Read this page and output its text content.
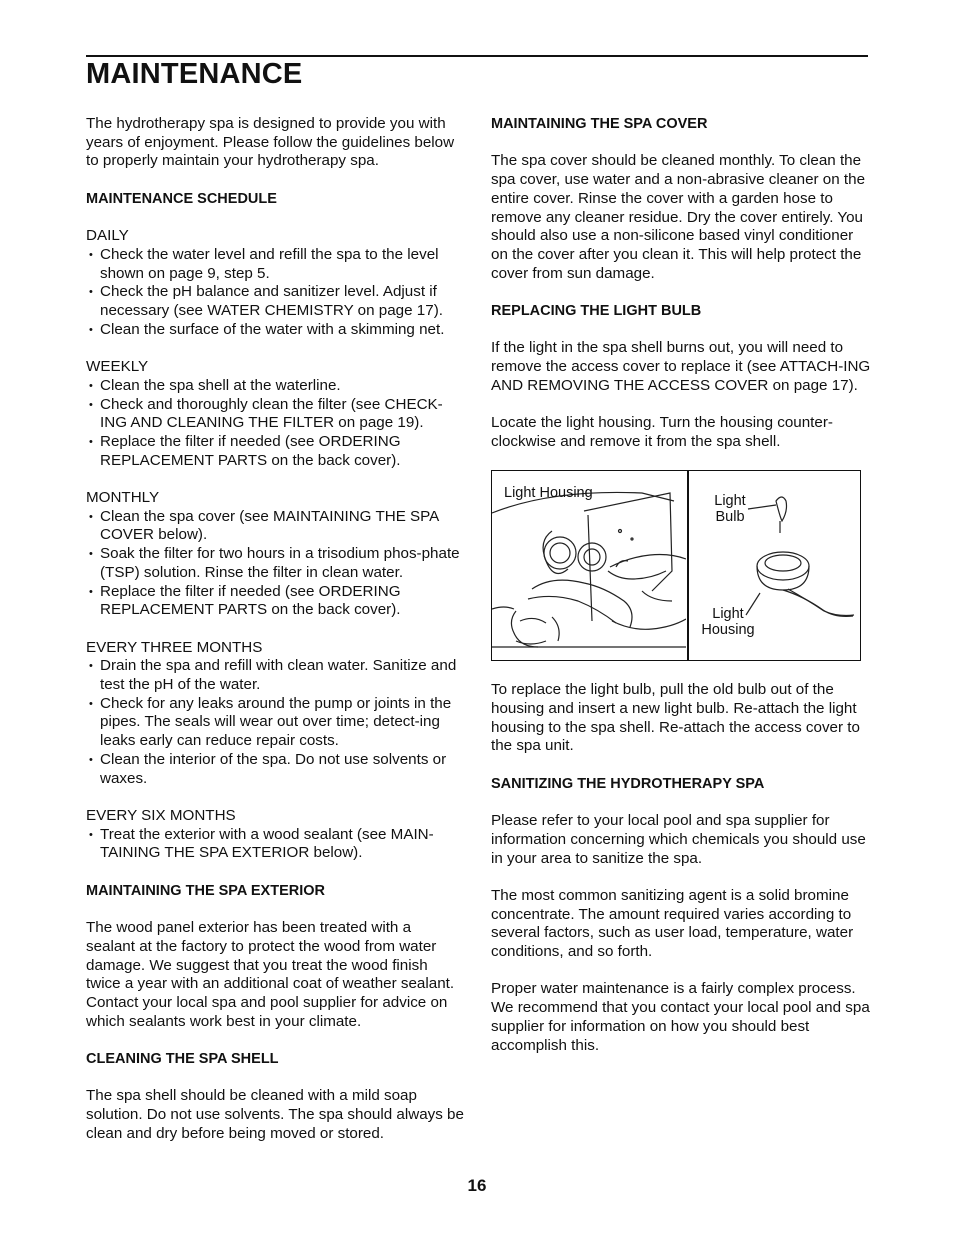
MAINTENANCE

The hydrotherapy spa is designed to provide you with years of enjoyment. Please follow the guidelines below to properly maintain your hydrotherapy spa.

MAINTENANCE SCHEDULE
DAILY
• Check the water level and refill the spa to the level shown on page 9, step 5.
• Check the pH balance and sanitizer level. Adjust if necessary (see WATER CHEMISTRY on page 17).
• Clean the surface of the water with a skimming net.
WEEKLY
• Clean the spa shell at the waterline.
• Check and thoroughly clean the filter (see CHECK-ING AND CLEANING THE FILTER on page 19).
• Replace the filter if needed (see ORDERING REPLACEMENT PARTS on the back cover).
MONTHLY
• Clean the spa cover (see MAINTAINING THE SPA COVER below).
• Soak the filter for two hours in a trisodium phos-phate (TSP) solution. Rinse the filter in clean water.
• Replace the filter if needed (see ORDERING REPLACEMENT PARTS on the back cover).
EVERY THREE MONTHS
• Drain the spa and refill with clean water. Sanitize and test the pH of the water.
• Check for any leaks around the pump or joints in the pipes. The seals will wear out over time; detect-ing leaks early can reduce repair costs.
• Clean the interior of the spa. Do not use solvents or waxes.
EVERY SIX MONTHS
• Treat the exterior with a wood sealant (see MAIN-TAINING THE SPA EXTERIOR below).
MAINTAINING THE SPA EXTERIOR

The wood panel exterior has been treated with a sealant at the factory to protect the wood from water damage. We suggest that you treat the wood finish twice a year with an additional coat of weather sealant. Contact your local spa and pool supplier for advice on which sealants work best in your climate.

CLEANING THE SPA SHELL

The spa shell should be cleaned with a mild soap solution. Do not use solvents. The spa should always be clean and dry before being moved or stored.

MAINTAINING THE SPA COVER

The spa cover should be cleaned monthly. To clean the spa cover, use water and a non-abrasive cleaner on the entire cover. Rinse the cover with a garden hose to remove any cleaner residue. Dry the cover entirely. You should also use a non-silicone based vinyl conditioner on the cover after you clean it. This will help protect the cover from sun damage.

REPLACING THE LIGHT BULB

If the light in the spa shell burns out, you will need to remove the access cover to replace it (see ATTACH-ING AND REMOVING THE ACCESS COVER on page 17).

Locate the light housing. Turn the housing counter-clockwise and remove it from the spa shell.

Light Housing	Light
Bulb
Light
Housing

To replace the light bulb, pull the old bulb out of the housing and insert a new light bulb. Re-attach the light housing to the spa shell. Re-attach the access cover to the spa unit.

SANITIZING THE HYDROTHERAPY SPA

Please refer to your local pool and spa supplier for information concerning which chemicals you should use in your area to sanitize the spa.

The most common sanitizing agent is a solid bromine concentrate. The amount required varies according to several factors, such as user load, temperature, water conditions, and so forth.

Proper water maintenance is a fairly complex process. We recommend that you contact your local pool and spa supplier for information on how you should best accomplish this.

16
